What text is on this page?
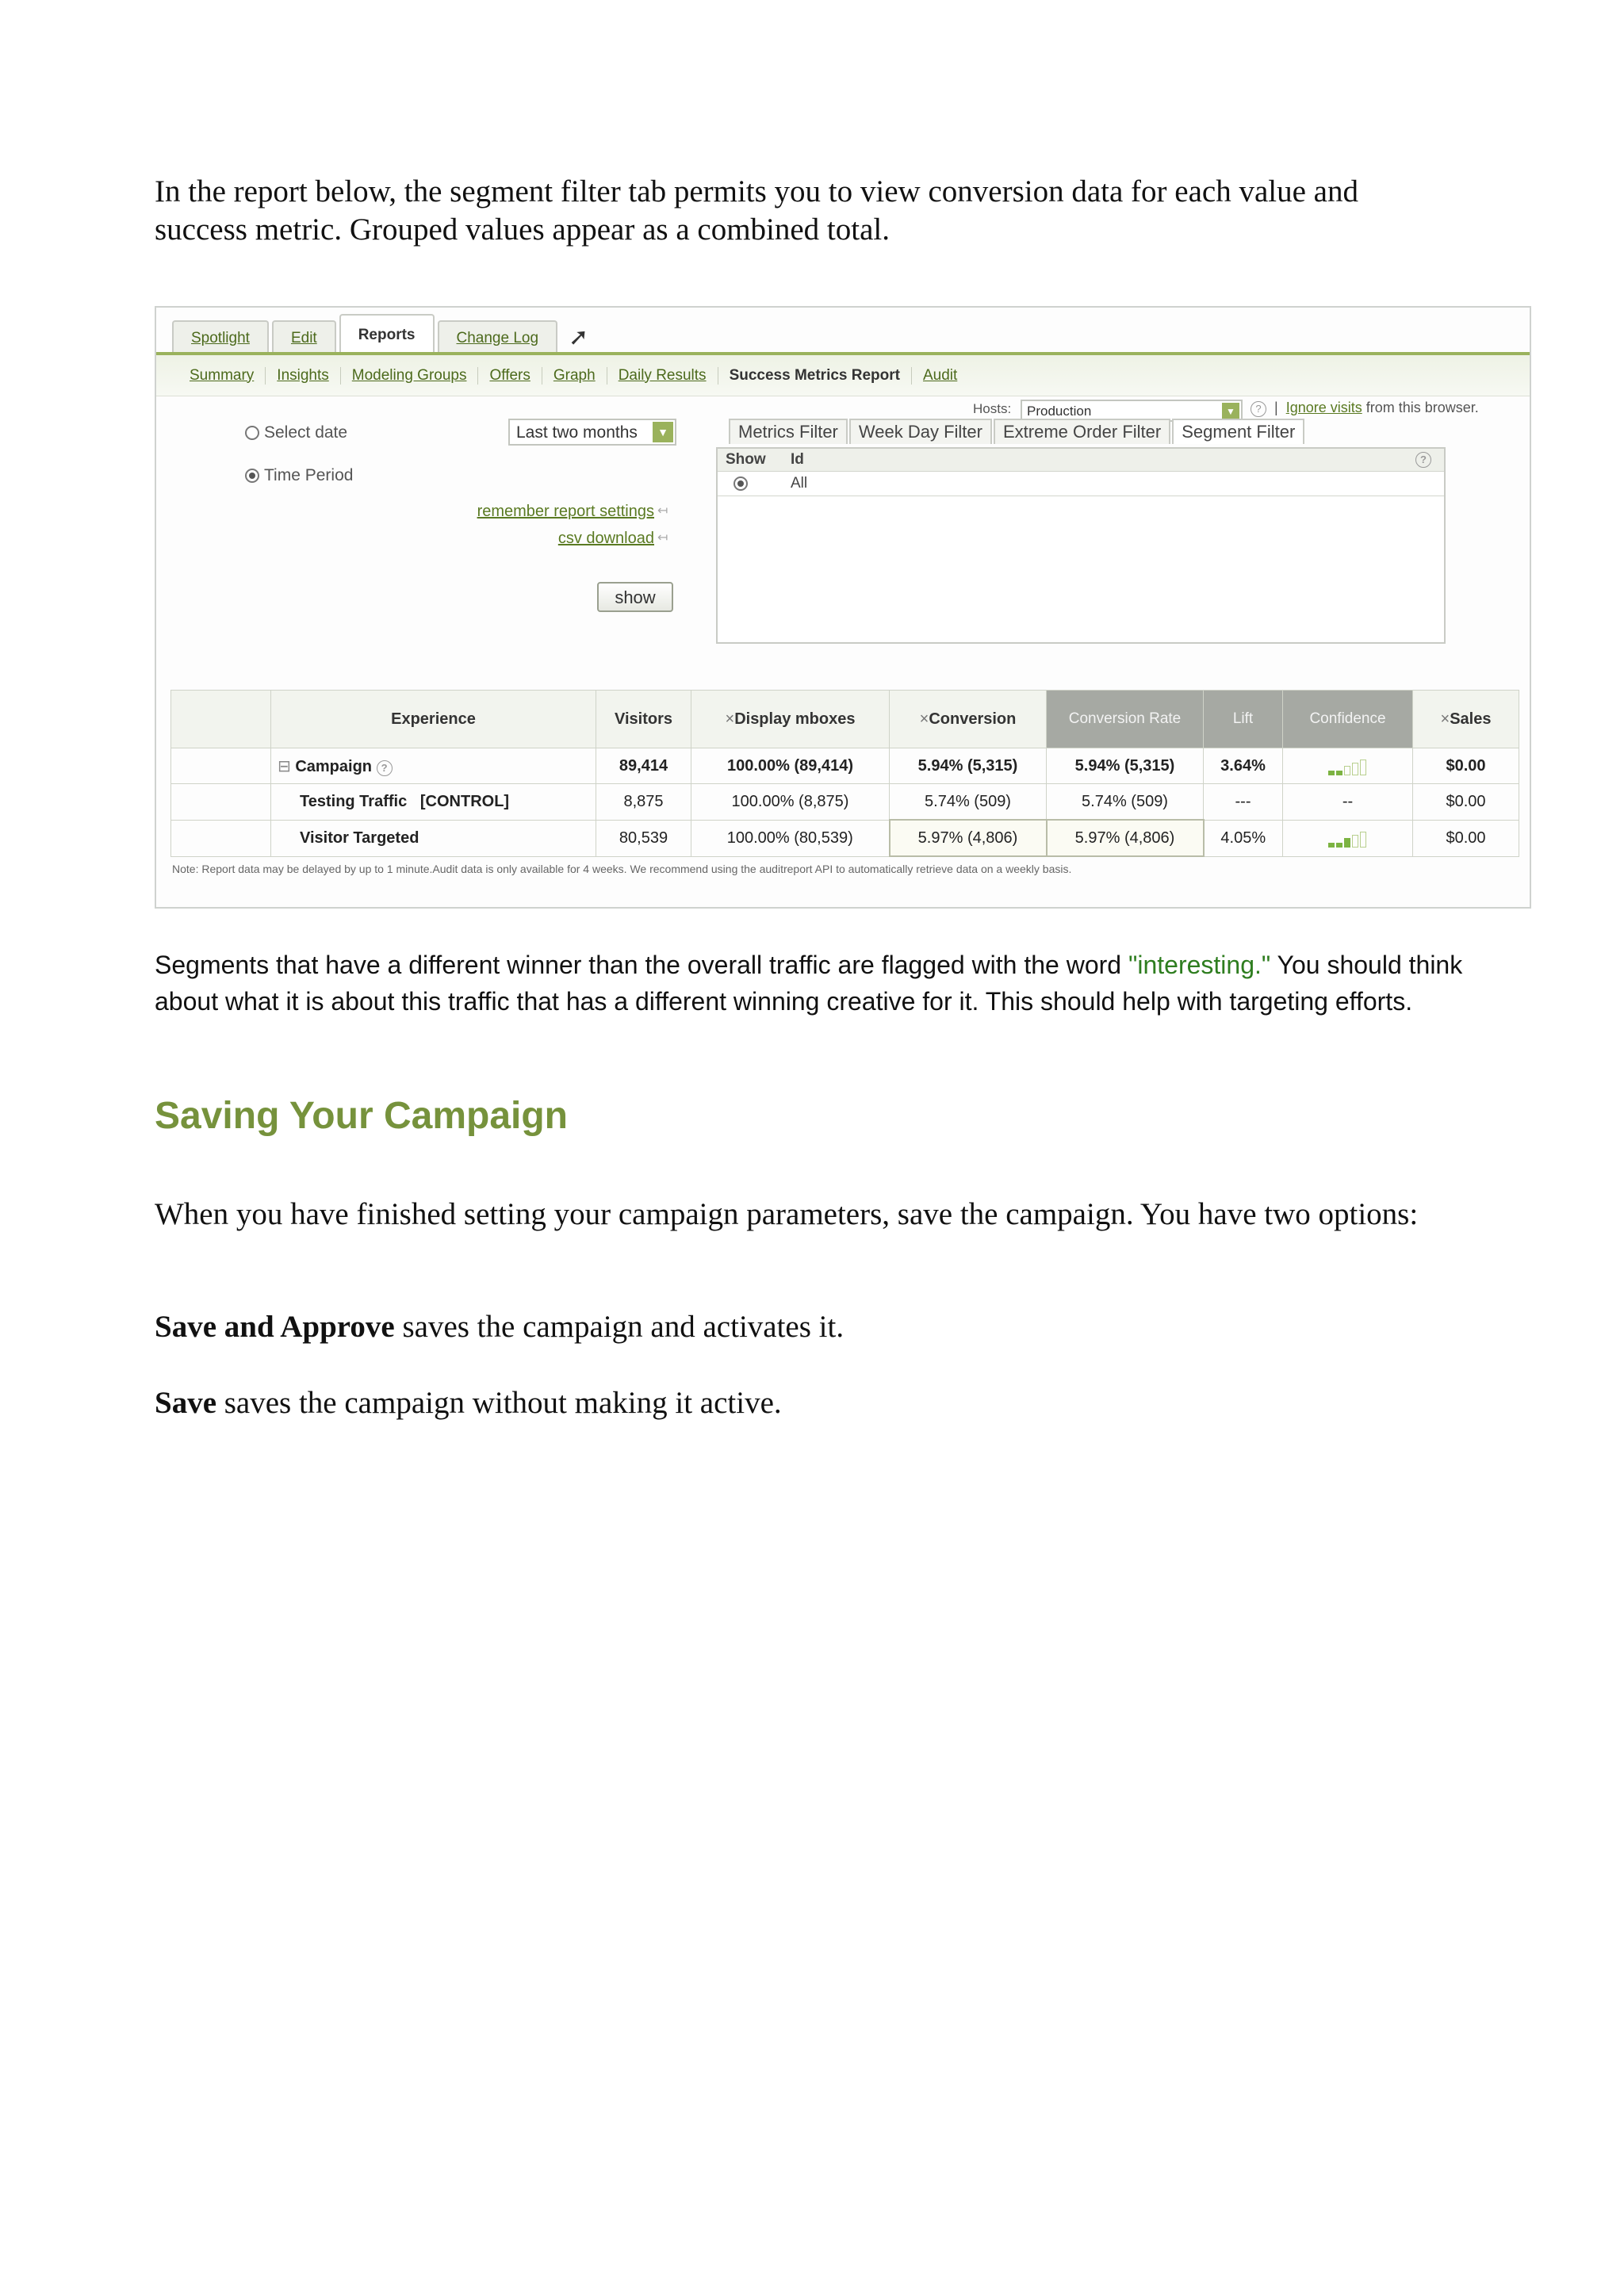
In the report below, the segment filter tab permits you to view conversion data for each value and success metric. Grouped values appear as a combined total.

Spotlight	Edit	Reports	Change Log	➚
Summary	Insights	Modeling Groups	Offers	Graph	Daily Results	Success Metrics Report	Audit
Select date
Time Period
Last two months	▼
remember report settings ↤
csv download ↤
show
Hosts:	Production	▼	?  |  Ignore visits from this browser.
Metrics Filter	Week Day Filter	Extreme Order Filter	Segment Filter
Show Id	?
All
	Experience	Visitors	×Display mboxes	×Conversion	Conversion Rate	Lift	Confidence	×Sales
	⊟ Campaign ?	89,414	100.00% (89,414)	5.94% (5,315)	5.94% (5,315)	3.64%		$0.00
	Testing Traffic [CONTROL]	8,875	100.00% (8,875)	5.74% (509)	5.74% (509)	---	--	$0.00
	Visitor Targeted	80,539	100.00% (80,539)	5.97% (4,806)	5.97% (4,806)	4.05%		$0.00
Note: Report data may be delayed by up to 1 minute.Audit data is only available for 4 weeks. We recommend using the auditreport API to automatically retrieve data on a weekly basis.

Segments that have a different winner than the overall traffic are flagged with the word "interesting." You should think about what it is about this traffic that has a different winning creative for it. This should help with targeting efforts.

Saving Your Campaign

When you have finished setting your campaign parameters, save the campaign. You have two options:

Save and Approve saves the campaign and activates it.

Save saves the campaign without making it active.
